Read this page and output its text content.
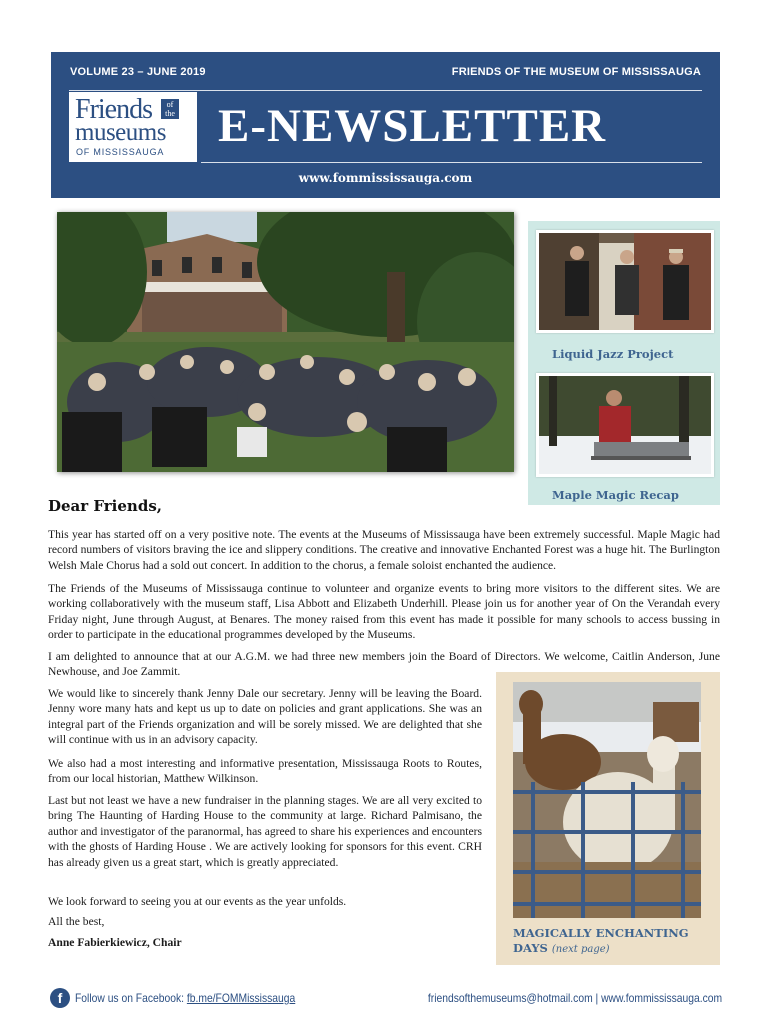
VOLUME 23 – JUNE 2019	FRIENDS OF THE MUSEUM OF MISSISSAUGA
Friends	of the
museums
OF MISSISSAUGA E-NEWSLETTER
www.fommississauga.com
Liquid Jazz Project
Maple Magic Recap
Dear Friends,

This year has started off on a very positive note. The events at the Museums of Mississauga have been extremely successful. Maple Magic had record numbers of visitors braving the ice and slippery conditions. The creative and innovative Enchanted Forest was a huge hit. The Burlington Welsh Male Chorus had a sold out concert. In addition to the chorus, a female soloist enchanted the audience.

The Friends of the Museums of Mississauga continue to volunteer and organize events to bring more visitors to the different sites. We are working collaboratively with the museum staff, Lisa Abbott and Elizabeth Underhill. Please join us for another year of On the Verandah every Friday night, June through August, at Benares. The money raised from this event has made it possible for many schools to access bussing in order to participate in the educational programmes developed by the Museums.

I am delighted to announce that at our A.G.M. we had three new members join the Board of Directors. We welcome, Caitlin Anderson, June Newhouse, and Joe Zammit.

We would like to sincerely thank Jenny Dale our secretary. Jenny will be leaving the Board. Jenny wore many hats and kept us up to date on policies and grant applications. She was an integral part of the Friends organization and will be sorely missed. We are delighted that she will continue with us in an advisory capacity.

We also had a most interesting and informative presentation, Mississauga Roots to Routes, from our local historian, Matthew Wilkinson.

Last but not least we have a new fundraiser in the planning stages. We are all very excited to bring The Haunting of Harding House to the community at large. Richard Palmisano, the author and investigator of the paranormal, has agreed to share his experiences and encounters with the ghosts of Harding House . We are actively looking for sponsors for this event. CRH has already given us a great start, which is greatly appreciated.

We look forward to seeing you at our events as the year unfolds.

All the best,

Anne Fabierkiewicz, Chair

MAGICALLY ENCHANTING DAYS (next page)
f	Follow us on Facebook: fb.me/FOMMississauga	friendsofthemuseums@hotmail.com | www.fommississauga.com
